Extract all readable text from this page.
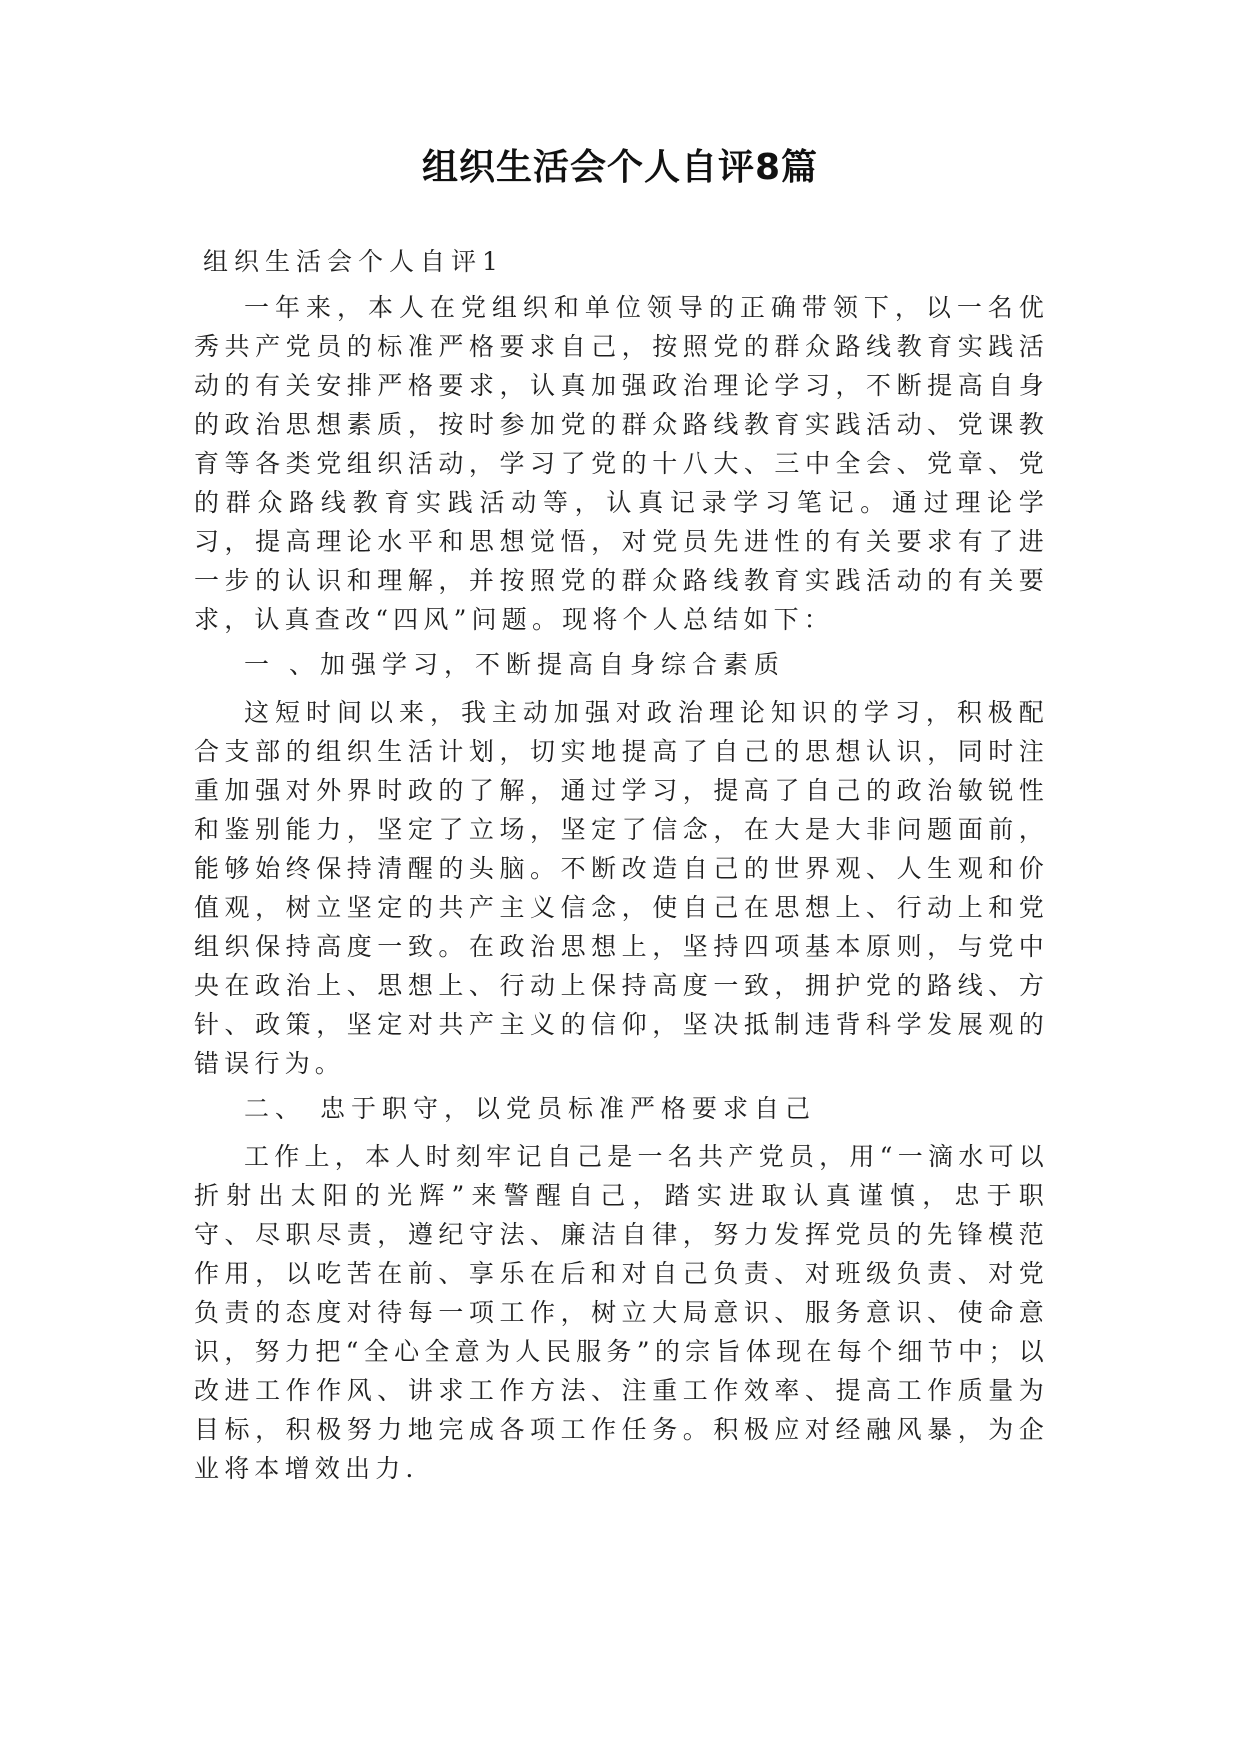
组织生活会个人自评8篇
组织生活会个人自评1

一年来，本人在党组织和单位领导的正确带领下，以一名优秀共产党员的标准严格要求自己，按照党的群众路线教育实践活动的有关安排严格要求，认真加强政治理论学习，不断提高自身的政治思想素质，按时参加党的群众路线教育实践活动、党课教育等各类党组织活动，学习了党的十八大、三中全会、党章、党的群众路线教育实践活动等，认真记录学习笔记。通过理论学习，提高理论水平和思想觉悟，对党员先进性的有关要求有了进一步的认识和理解，并按照党的群众路线教育实践活动的有关要求，认真查改“四风”问题。现将个人总结如下：

一 、加强学习，不断提高自身综合素质

这短时间以来，我主动加强对政治理论知识的学习，积极配合支部的组织生活计划，切实地提高了自己的思想认识，同时注重加强对外界时政的了解，通过学习，提高了自己的政治敏锐性和鉴别能力，坚定了立场，坚定了信念，在大是大非问题面前，能够始终保持清醒的头脑。不断改造自己的世界观、人生观和价值观，树立坚定的共产主义信念，使自己在思想上、行动上和党组织保持高度一致。在政治思想上，坚持四项基本原则，与党中央在政治上、思想上、行动上保持高度一致，拥护党的路线、方针、政策，坚定对共产主义的信仰，坚决抵制违背科学发展观的错误行为。

二、 忠于职守，以党员标准严格要求自己

工作上，本人时刻牢记自己是一名共产党员，用“一滴水可以折射出太阳的光辉”来警醒自己，踏实进取认真谨慎，忠于职守、尽职尽责，遵纪守法、廉洁自律，努力发挥党员的先锋模范作用，以吃苦在前、享乐在后和对自己负责、对班级负责、对党负责的态度对待每一项工作，树立大局意识、服务意识、使命意识，努力把“全心全意为人民服务”的宗旨体现在每个细节中；以改进工作作风、讲求工作方法、注重工作效率、提高工作质量为目标，积极努力地完成各项工作任务。积极应对经融风暴，为企业将本增效出力.
